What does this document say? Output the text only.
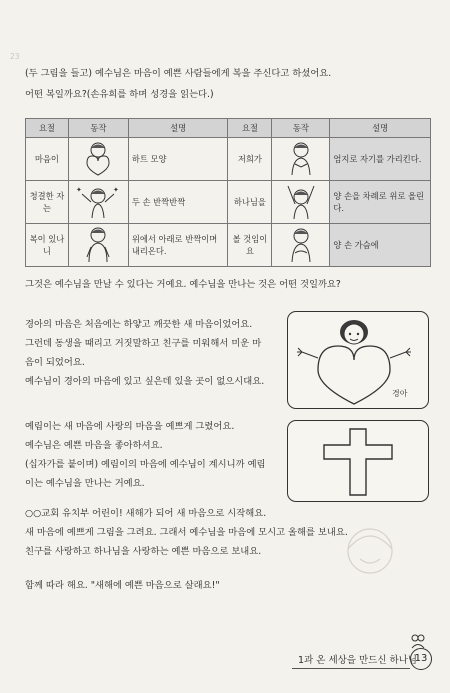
23
(두 그림을 들고) 예수님은 마음이 예쁜 사람들에게 복을 주신다고 하셨어요.
어떤 복일까요?(손유희를 하며 성경을 읽는다.)
요절	동작	설명	요절	동작	설명
마음이		하트 모양	저희가		엄지로 자기를 가리킨다.
청결한 자는	✦ ✦	두 손 반짝반짝	하나님을		양 손을 차례로 위로 올린다.
복이 있나니		위에서 아래로 반짝이며 내리온다.	볼 것임이요		양 손 가슴에
그것은 예수님을 만날 수 있다는 거예요. 예수님을 만나는 것은 어떤 것일까요?
경아의 마음은 처음에는 하얗고 깨끗한 새 마음이었어요.
그런데 동생을 때리고 거짓말하고 친구를 미워해서 미운 마
음이 되었어요.
예수님이 경아의 마음에 있고 싶은데 있을 곳이 없으시대요.
경아
예림이는 새 마음에 사랑의 마음을 예쁘게 그렸어요.
예수님은 예쁜 마음을 좋아하셔요.
(십자가를 붙이며) 예림이의 마음에 예수님이 계시니까 예림
이는 예수님을 만나는 거예요.
○○교회 유치부 어린이! 새해가 되어 새 마음으로 시작해요.
새 마음에 예쁘게 그림을 그려요. 그래서 예수님을 마음에 모시고 올해를 보내요.
친구를 사랑하고 하나님을 사랑하는 예쁜 마음으로 보내요.
함께 따라 해요. "새해에 예쁜 마음으로 살래요!"
1과 온 세상을 만드신 하나님
13
